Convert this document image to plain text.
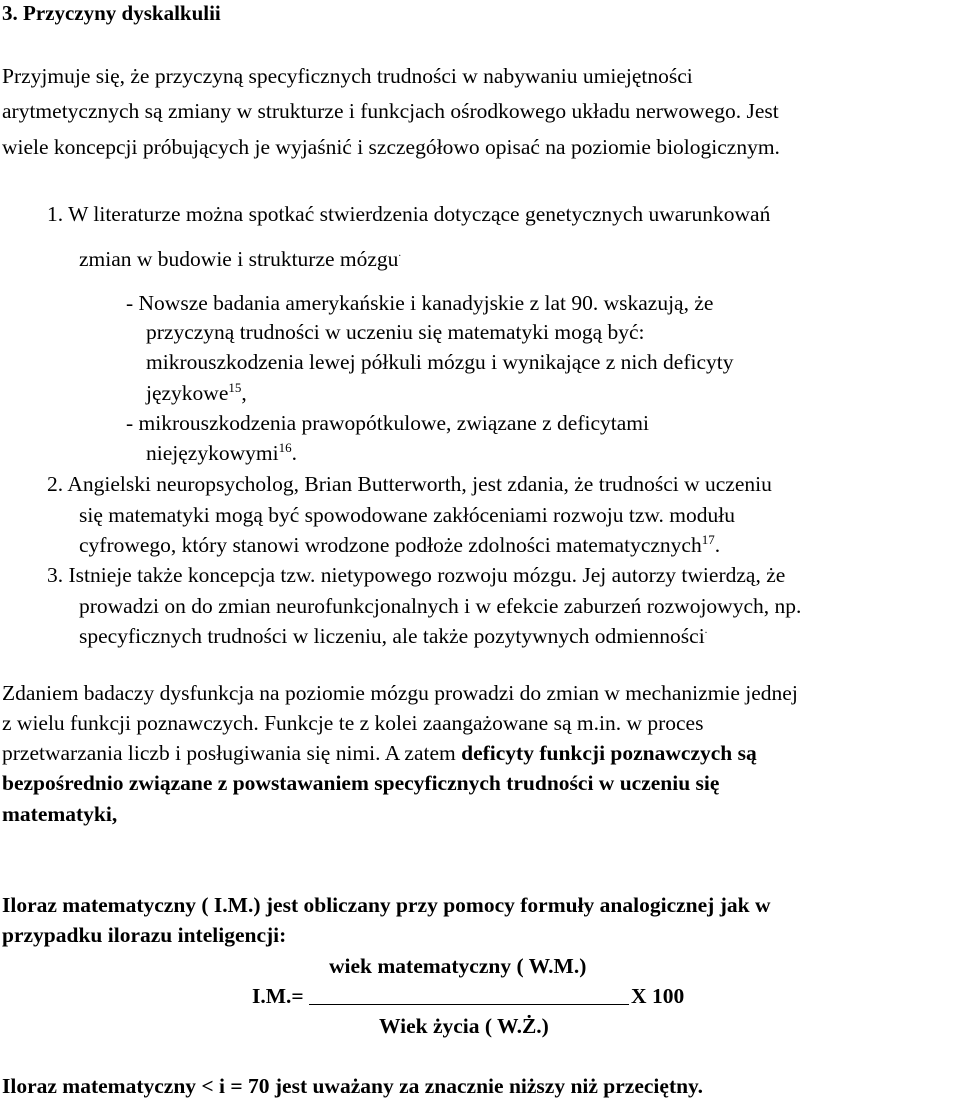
3. Przyczyny dyskalkulii
Przyjmuje się, że przyczyną specyficznych trudności w nabywaniu umiejętności
arytmetycznych są zmiany w strukturze i funkcjach ośrodkowego układu nerwowego. Jest
wiele koncepcji próbujących je wyjaśnić i szczegółowo opisać na poziomie biologicznym.
1. W literaturze można spotkać stwierdzenia dotyczące genetycznych uwarunkowań
zmian w budowie i strukturze mózgu.
- Nowsze badania amerykańskie i kanadyjskie z lat 90. wskazują, że
przyczyną trudności w uczeniu się matematyki mogą być:
mikrouszkodzenia lewej półkuli mózgu i wynikające z nich deficyty
językowe$^{15}$,
- mikrouszkodzenia prawopótkulowe, związane z deficytami
niejęzykowymi$^{16}$.
2. Angielski neuropsycholog, Brian Butterworth, jest zdania, że trudności w uczeniu
się matematyki mogą być spowodowane zakłóceniami rozwoju tzw. modułu
cyfrowego, który stanowi wrodzone podłoże zdolności matematycznych$^{17}$.
3. Istnieje także koncepcja tzw. nietypowego rozwoju mózgu. Jej autorzy twierdzą, że
prowadzi on do zmian neurofunkcjonalnych i w efekcie zaburzeń rozwojowych, np.
specyficznych trudności w liczeniu, ale także pozytywnych odmienności.
Zdaniem badaczy dysfunkcja na poziomie mózgu prowadzi do zmian w mechanizmie jednej
z wielu funkcji poznawczych. Funkcje te z kolei zaangażowane są m.in. w proces
przetwarzania liczb i posługiwania się nimi. A zatem deficyty funkcji poznawczych są
bezpośrednio związane z powstawaniem specyficznych trudności w uczeniu się
matematyki,
Iloraz matematyczny ( I.M.) jest obliczany przy pomocy formuły analogicznej jak w
przypadku ilorazu inteligencji:
wiek matematyczny ( W.M.)
I.M.=	X 100
Wiek życia ( W.Ż.)
Iloraz matematyczny < i = 70 jest uważany za znacznie niższy niż przeciętny.
